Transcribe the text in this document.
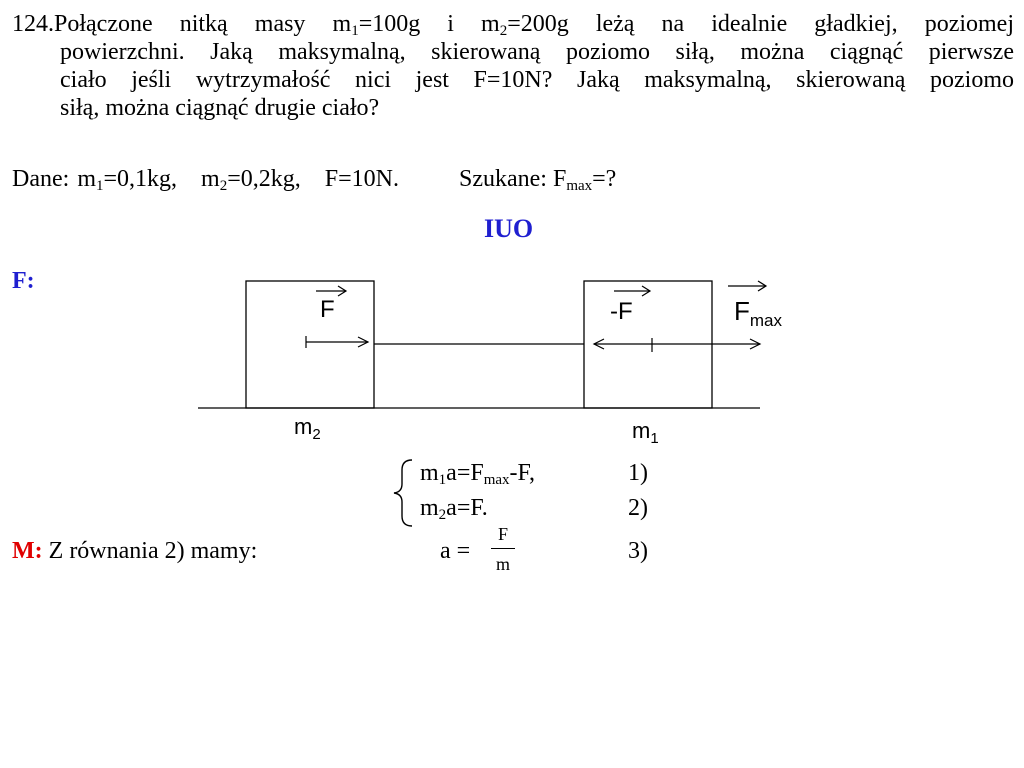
124.Połączone nitką masy $m_1=100g$ i $m_2=200g$ leżą na idealnie gładkiej, poziomej
powierzchni. Jaką maksymalną, skierowaną poziomo siłą, można ciągnąć pierwsze
ciało jeśli wytrzymałość nici jest F=10N? Jaką maksymalną, skierowaną poziomo
siłą, można ciągnąć drugie ciało?
Dane: $m_1=0,1kg$, $m_2=0,2kg$, F=10N.	Szukane: $F_{max}=$?
IUO
F:
F	-F	$F_{max}$
$m_2$	$m_1$
$m_1a=F_{max}-F$,	1)
$m_2a=F$.	2)
M: Z równania 2) mamy:	a =
F
m	3)
